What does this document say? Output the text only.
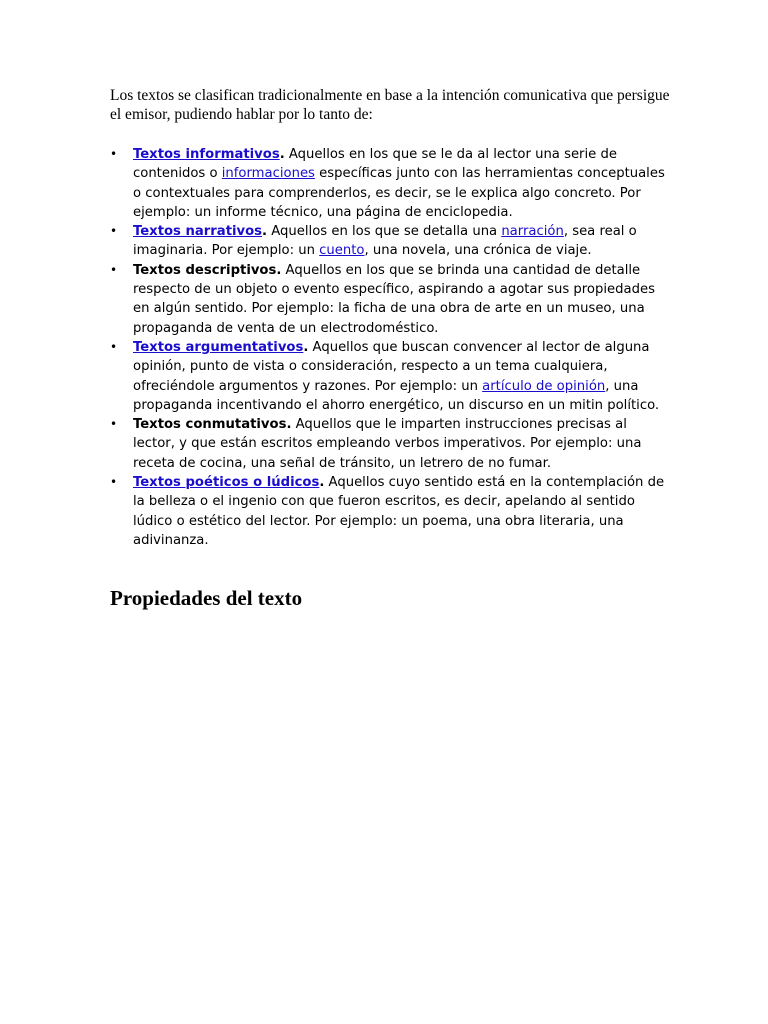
Los textos se clasifican tradicionalmente en base a la intención comunicativa que persigue el emisor, pudiendo hablar por lo tanto de:

• Textos informativos. Aquellos en los que se le da al lector una serie de contenidos o informaciones específicas junto con las herramientas conceptuales o contextuales para comprenderlos, es decir, se le explica algo concreto. Por ejemplo: un informe técnico, una página de enciclopedia.
• Textos narrativos. Aquellos en los que se detalla una narración, sea real o imaginaria. Por ejemplo: un cuento, una novela, una crónica de viaje.
• Textos descriptivos. Aquellos en los que se brinda una cantidad de detalle respecto de un objeto o evento específico, aspirando a agotar sus propiedades en algún sentido. Por ejemplo: la ficha de una obra de arte en un museo, una propaganda de venta de un electrodoméstico.
• Textos argumentativos. Aquellos que buscan convencer al lector de alguna opinión, punto de vista o consideración, respecto a un tema cualquiera, ofreciéndole argumentos y razones. Por ejemplo: un artículo de opinión, una propaganda incentivando el ahorro energético, un discurso en un mitin político.
• Textos conmutativos. Aquellos que le imparten instrucciones precisas al lector, y que están escritos empleando verbos imperativos. Por ejemplo: una receta de cocina, una señal de tránsito, un letrero de no fumar.
• Textos poéticos o lúdicos. Aquellos cuyo sentido está en la contemplación de la belleza o el ingenio con que fueron escritos, es decir, apelando al sentido lúdico o estético del lector. Por ejemplo: un poema, una obra literaria, una adivinanza.
Propiedades del texto
